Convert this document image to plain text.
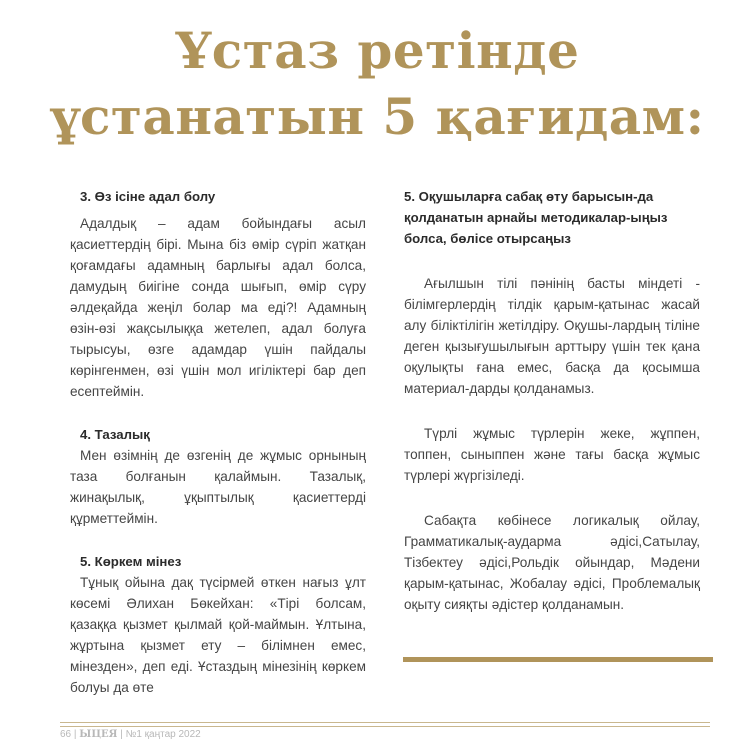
Ұстаз ретінде
ұстанатын 5 қағидам:

3. Өз ісіне адал болу

Адалдық – адам бойындағы асыл қасиеттердің бірі. Мына біз өмір сүріп жатқан қоғамдағы адамның барлығы адал болса, дамудың биігіне сонда шығып, өмір сүру әлдеқайда жеңіл болар ма еді?! Адамның өзін-өзі жақсылыққа жетелеп, адал болуға тырысуы, өзге адамдар үшін пайдалы көрінгенмен, өзі үшін мол игіліктері бар деп есептеймін.

4. Тазалық

Мен өзімнің де өзгенің де жұмыс орнының таза болғанын қалаймын. Тазалық, жинақылық, ұқыптылық қасиеттерді құрметтеймін.

5. Көркем мінез

Тұнық ойына дақ түсірмей өткен нағыз ұлт көсемі Әлихан Бөкейхан: «Тірі болсам, қазаққа қызмет қылмай қой-маймын. Ұлтына, жұртына қызмет ету – білімнен емес, мінезден», деп еді. Ұстаздың мінезінің көркем болуы да өте

5. Оқушыларға сабақ өту барысын-да қолданатын арнайы методикалар-ыңыз болса, бөлісе отырсаңыз

Ағылшын тілі пәнінің басты міндеті - білімгерлердің тілдік қарым-қатынас жасай алу біліктілігін жетілдіру. Оқушы-лардың тіліне деген қызығушылығын арттыру үшін тек қана оқулықты ғана емес, басқа да қосымша материал-дарды қолданамыз.

Түрлі жұмыс түрлерін жеке, жұппен, топпен, сыныппен және тағы басқа жұмыс түрлері жүргізіледі.

Сабақта көбінесе логикалық ойлау, Грамматикалық-аудармa әдісі,Сатылау, Тізбектеу әдісі,Рольдік ойындар, Мәдени қарым-қатынас, Жобалау әдісі, Проблемалық оқыту сияқты әдістер қолданамын.

66 | ЫЦЕЯ | №1 қаңтар 2022
